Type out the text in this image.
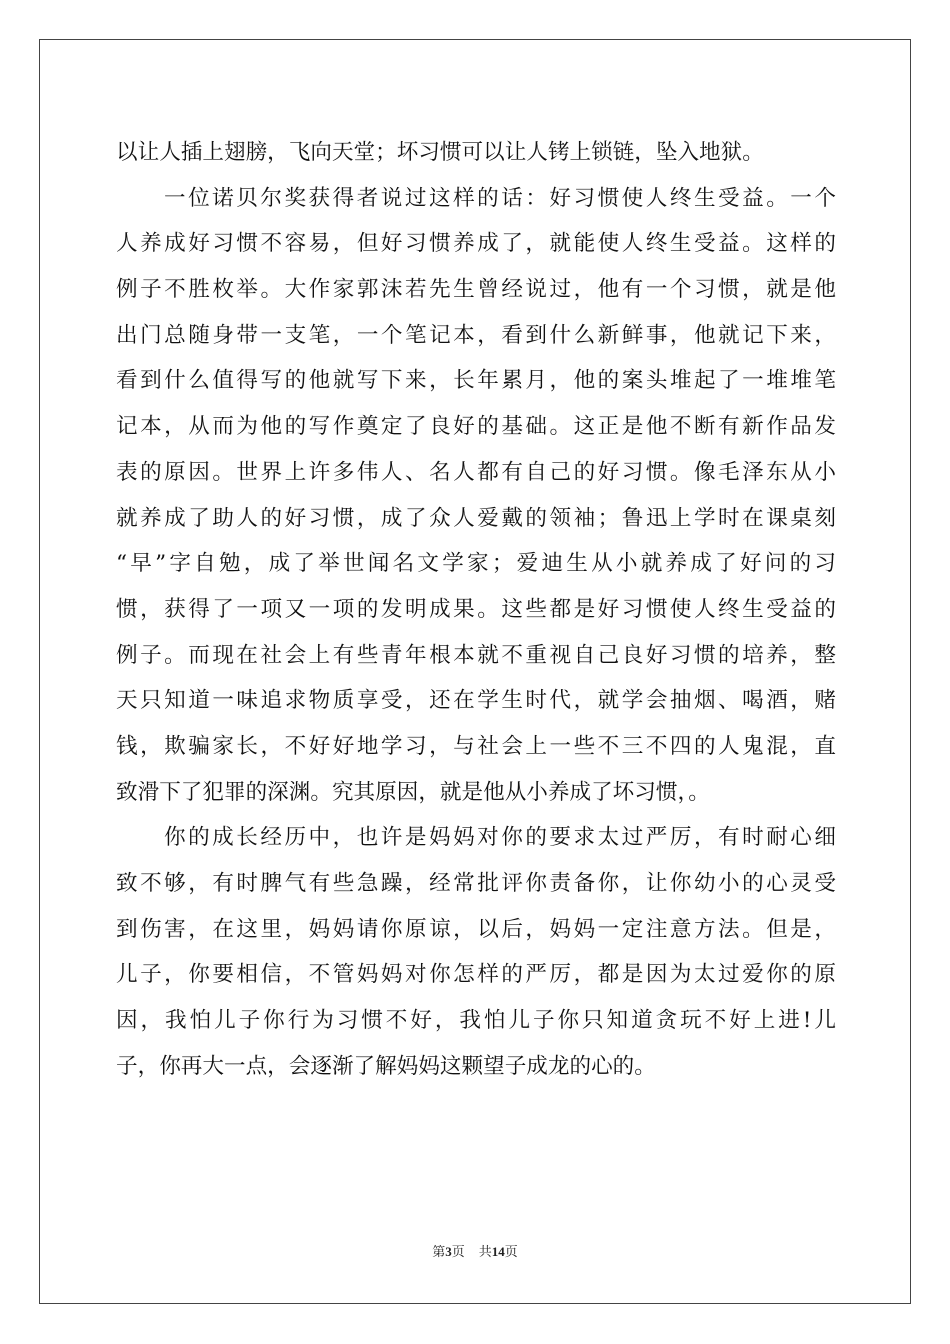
以让人插上翅膀，飞向天堂；坏习惯可以让人铐上锁链，坠入地狱。
一位诺贝尔奖获得者说过这样的话：好习惯使人终生受益。一个
人养成好习惯不容易，但好习惯养成了，就能使人终生受益。这样的
例子不胜枚举。大作家郭沫若先生曾经说过，他有一个习惯，就是他
出门总随身带一支笔，一个笔记本，看到什么新鲜事，他就记下来，
看到什么值得写的他就写下来，长年累月，他的案头堆起了一堆堆笔
记本，从而为他的写作奠定了良好的基础。这正是他不断有新作品发
表的原因。世界上许多伟人、名人都有自己的好习惯。像毛泽东从小
就养成了助人的好习惯，成了众人爱戴的领袖；鲁迅上学时在课桌刻
“早”字自勉，成了举世闻名文学家；爱迪生从小就养成了好问的习
惯，获得了一项又一项的发明成果。这些都是好习惯使人终生受益的
例子。而现在社会上有些青年根本就不重视自己良好习惯的培养，整
天只知道一味追求物质享受，还在学生时代，就学会抽烟、喝酒，赌
钱，欺骗家长，不好好地学习，与社会上一些不三不四的人鬼混，直
致滑下了犯罪的深渊。究其原因，就是他从小养成了坏习惯，。
你的成长经历中，也许是妈妈对你的要求太过严厉，有时耐心细
致不够，有时脾气有些急躁，经常批评你责备你，让你幼小的心灵受
到伤害，在这里，妈妈请你原谅，以后，妈妈一定注意方法。但是，
儿子，你要相信，不管妈妈对你怎样的严厉，都是因为太过爱你的原
因，我怕儿子你行为习惯不好，我怕儿子你只知道贪玩不好上进!儿
子，你再大一点，会逐渐了解妈妈这颗望子成龙的心的。
第3页 共14页
